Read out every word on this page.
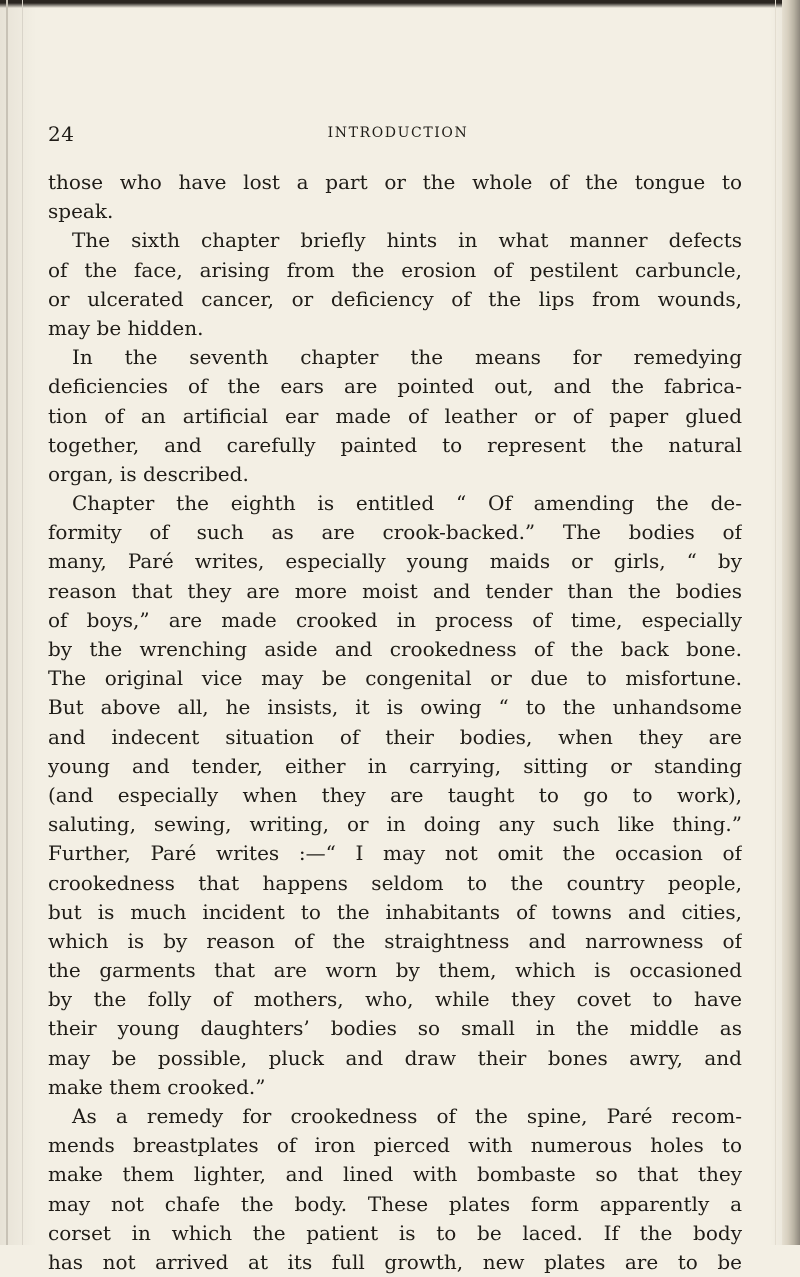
24	INTRODUCTION
those who have lost a part or the whole of the tongue to
speak.
The sixth chapter briefly hints in what manner defects
of the face, arising from the erosion of pestilent carbuncle,
or ulcerated cancer, or deficiency of the lips from wounds,
may be hidden.
In the seventh chapter the means for remedying
deficiencies of the ears are pointed out, and the fabrica-
tion of an artificial ear made of leather or of paper glued
together, and carefully painted to represent the natural
organ, is described.
Chapter the eighth is entitled “ Of amending the de-
formity of such as are crook-backed.” The bodies of
many, Paré writes, especially young maids or girls, “ by
reason that they are more moist and tender than the bodies
of boys,” are made crooked in process of time, especially
by the wrenching aside and crookedness of the back bone.
The original vice may be congenital or due to misfortune.
But above all, he insists, it is owing “ to the unhandsome
and indecent situation of their bodies, when they are
young and tender, either in carrying, sitting or standing
(and especially when they are taught to go to work),
saluting, sewing, writing, or in doing any such like thing.”
Further, Paré writes :—“ I may not omit the occasion of
crookedness that happens seldom to the country people,
but is much incident to the inhabitants of towns and cities,
which is by reason of the straightness and narrowness of
the garments that are worn by them, which is occasioned
by the folly of mothers, who, while they covet to have
their young daughters’ bodies so small in the middle as
may be possible, pluck and draw their bones awry, and
make them crooked.”
As a remedy for crookedness of the spine, Paré recom-
mends breastplates of iron pierced with numerous holes to
make them lighter, and lined with bombaste so that they
may not chafe the body. These plates form apparently a
corset in which the patient is to be laced. If the body
has not arrived at its full growth, new plates are to be
